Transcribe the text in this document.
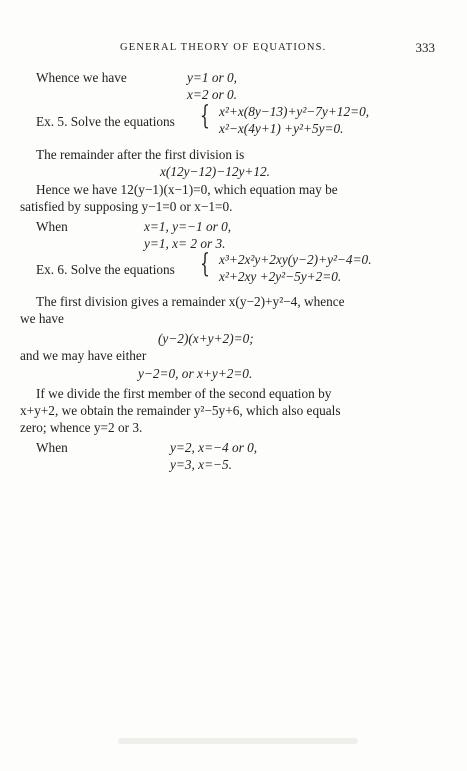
GENERAL THEORY OF EQUATIONS.	333
Whence we have	y=1 or 0,
x=2 or 0.
Ex. 5. Solve the equations { x²+x(8y−13)+y²−7y+12=0,
x²−x(4y+1) +y²+5y=0.
The remainder after the first division is
x(12y−12)−12y+12.
Hence we have 12(y−1)(x−1)=0, which equation may be
satisfied by supposing y−1=0 or x−1=0.
When	x=1, y=−1 or 0,
y=1, x= 2 or 3.
Ex. 6. Solve the equations { x³+2x²y+2xy(y−2)+y²−4=0.
x²+2xy +2y²−5y+2=0.
The first division gives a remainder x(y−2)+y²−4, whence
we have
(y−2)(x+y+2)=0;
and we may have either
y−2=0, or x+y+2=0.
If we divide the first member of the second equation by
x+y+2, we obtain the remainder y²−5y+6, which also equals
zero; whence y=2 or 3.
When	y=2, x=−4 or 0,
y=3, x=−5.
